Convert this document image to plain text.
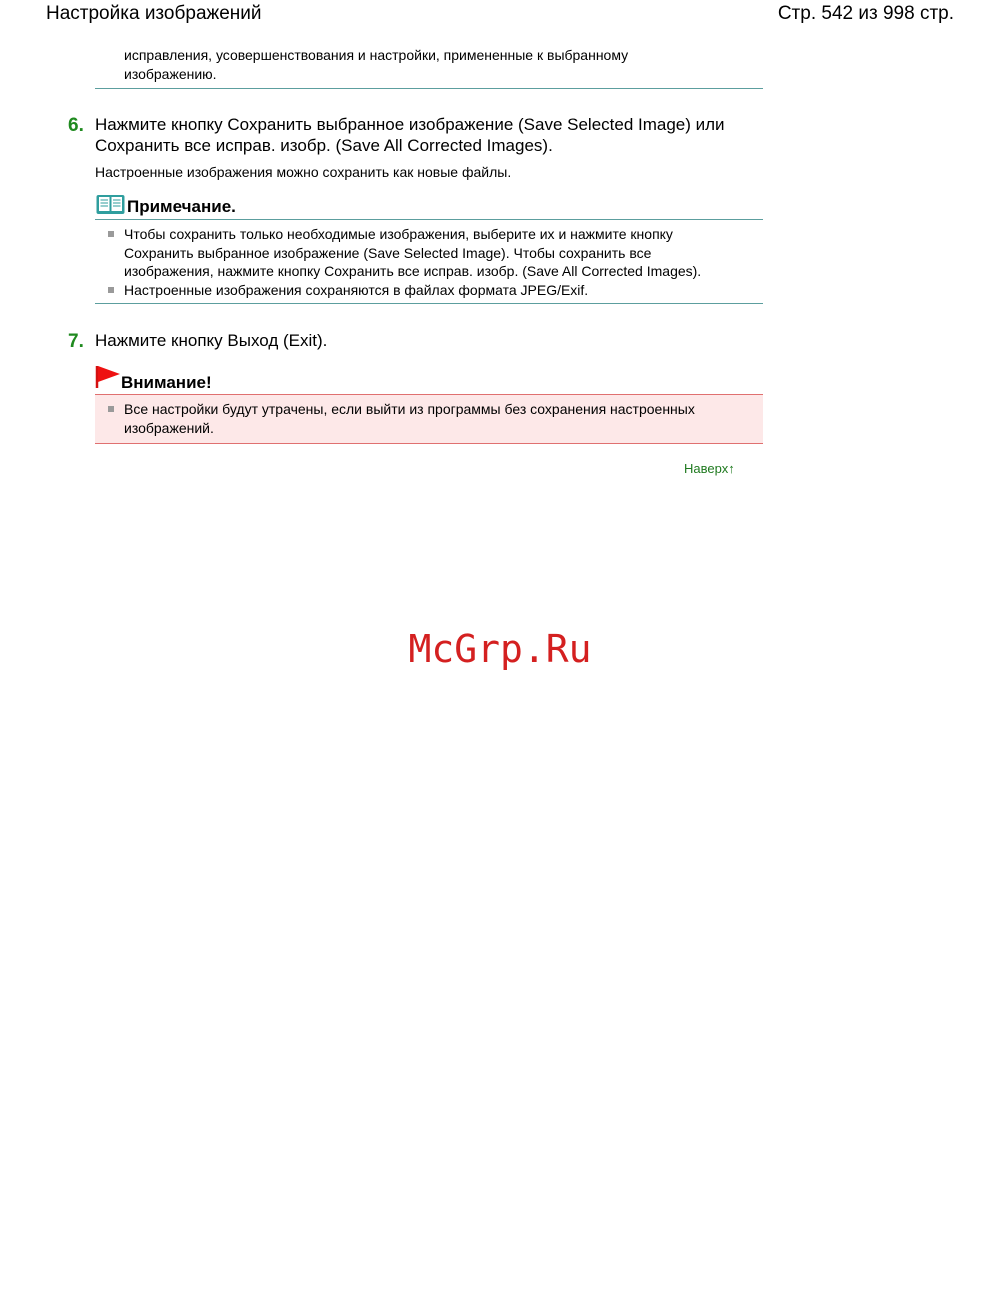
Настройка изображений	Стр. 542 из 998 стр.
исправления, усовершенствования и настройки, примененные к выбранному
изображению.
6. Нажмите кнопку Сохранить выбранное изображение (Save Selected Image) или
Сохранить все исправ. изобр. (Save All Corrected Images).
Настроенные изображения можно сохранить как новые файлы.
Примечание.
Чтобы сохранить только необходимые изображения, выберите их и нажмите кнопку
Сохранить выбранное изображение (Save Selected Image). Чтобы сохранить все
изображения, нажмите кнопку Сохранить все исправ. изобр. (Save All Corrected Images).
Настроенные изображения сохраняются в файлах формата JPEG/Exif.
7. Нажмите кнопку Выход (Exit).
Внимание!
Все настройки будут утрачены, если выйти из программы без сохранения настроенных
изображений.
Наверх↑
McGrp.Ru
